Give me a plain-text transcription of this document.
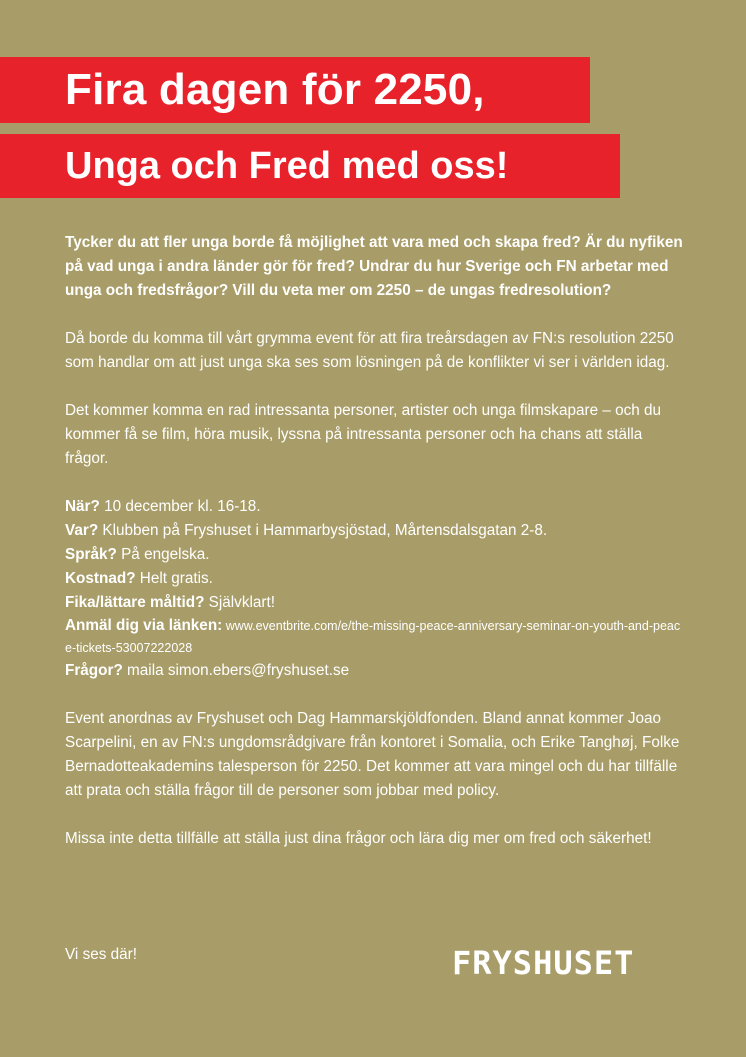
Fira dagen för 2250,
Unga och Fred med oss!

Tycker du att fler unga borde få möjlighet att vara med och skapa fred? Är du nyfiken på vad unga i andra länder gör för fred? Undrar du hur Sverige och FN arbetar med unga och fredsfrågor? Vill du veta mer om 2250 – de ungas fredresolution?

Då borde du komma till vårt grymma event för att fira treårsdagen av FN:s resolution 2250 som handlar om att just unga ska ses som lösningen på de konflikter vi ser i världen idag.

Det kommer komma en rad intressanta personer, artister och unga filmskapare – och du kommer få se film, höra musik, lyssna på intressanta personer och ha chans att ställa frågor.

När? 10 december kl. 16-18.

Var? Klubben på Fryshuset i Hammarbysjöstad, Mårtensdalsgatan 2-8.

Språk? På engelska.

Kostnad? Helt gratis.

Fika/lättare måltid? Självklart!

Anmäl dig via länken: www.eventbrite.com/e/the-missing-peace-anniversary-seminar-on-youth-and-peace-tickets-53007222028

Frågor? maila simon.ebers@fryshuset.se

Event anordnas av Fryshuset och Dag Hammarskjöldfonden. Bland annat kommer Joao Scarpelini, en av FN:s ungdomsrådgivare från kontoret i Somalia, och Erike Tanghøj, Folke Bernadotteakademins talesperson för 2250. Det kommer att vara mingel och du har tillfälle att prata och ställa frågor till de personer som jobbar med policy.

Missa inte detta tillfälle att ställa just dina frågor och lära dig mer om fred och säkerhet!

Vi ses där!	FRYSHUSET
